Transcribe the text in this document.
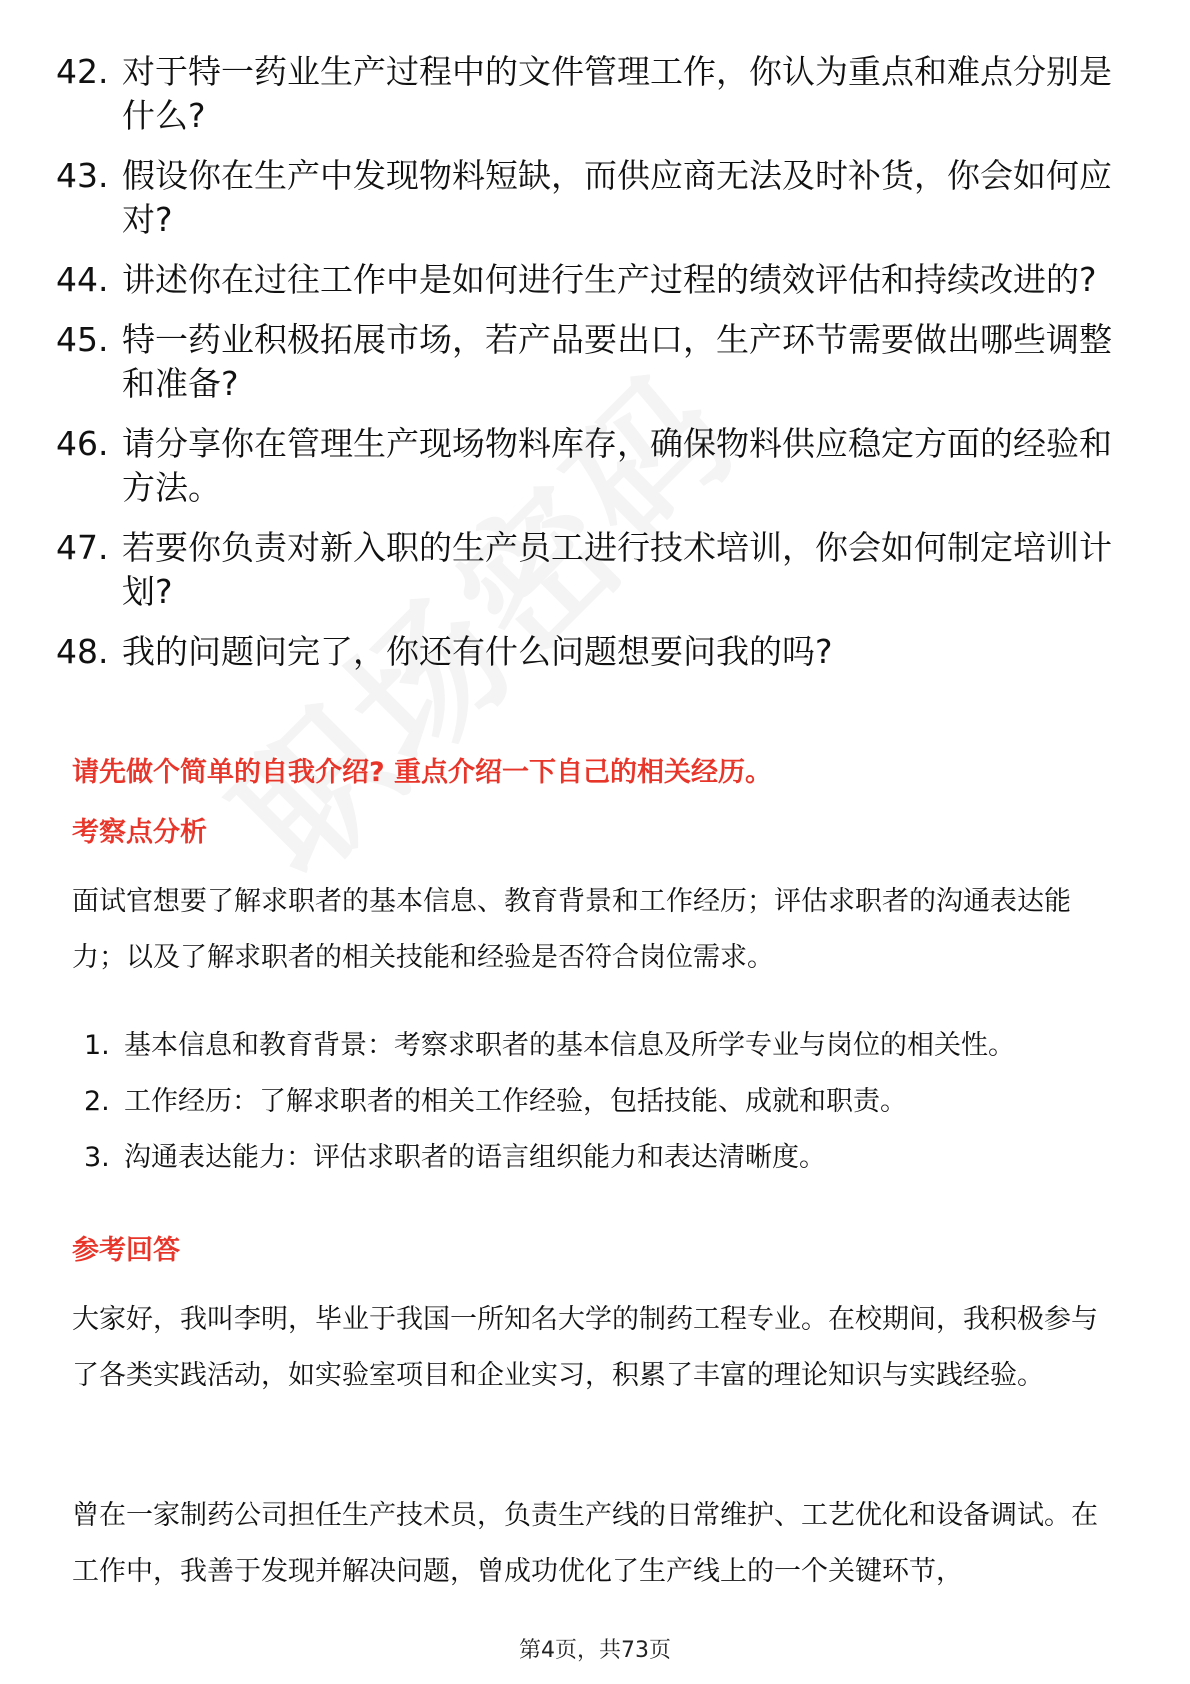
42. 对于特一药业生产过程中的文件管理工作，你认为重点和难点分别是什么?
43. 假设你在生产中发现物料短缺，而供应商无法及时补货，你会如何应对?
44. 讲述你在过往工作中是如何进行生产过程的绩效评估和持续改进的?
45. 特一药业积极拓展市场，若产品要出口，生产环节需要做出哪些调整和准备?
46. 请分享你在管理生产现场物料库存，确保物料供应稳定方面的经验和方法。
47. 若要你负责对新入职的生产员工进行技术培训，你会如何制定培训计划?
48. 我的问题问完了，你还有什么问题想要问我的吗?
请先做个简单的自我介绍? 重点介绍一下自己的相关经历。
考察点分析

面试官想要了解求职者的基本信息、教育背景和工作经历；评估求职者的沟通表达能力；以及了解求职者的相关技能和经验是否符合岗位需求。

1. 基本信息和教育背景：考察求职者的基本信息及所学专业与岗位的相关性。
2. 工作经历：了解求职者的相关工作经验，包括技能、成就和职责。
3. 沟通表达能力：评估求职者的语言组织能力和表达清晰度。
参考回答

大家好，我叫李明，毕业于我国一所知名大学的制药工程专业。在校期间，我积极参与了各类实践活动，如实验室项目和企业实习，积累了丰富的理论知识与实践经验。

曾在一家制药公司担任生产技术员，负责生产线的日常维护、工艺优化和设备调试。在工作中，我善于发现并解决问题，曾成功优化了生产线上的一个关键环节，

第4页，共73页
